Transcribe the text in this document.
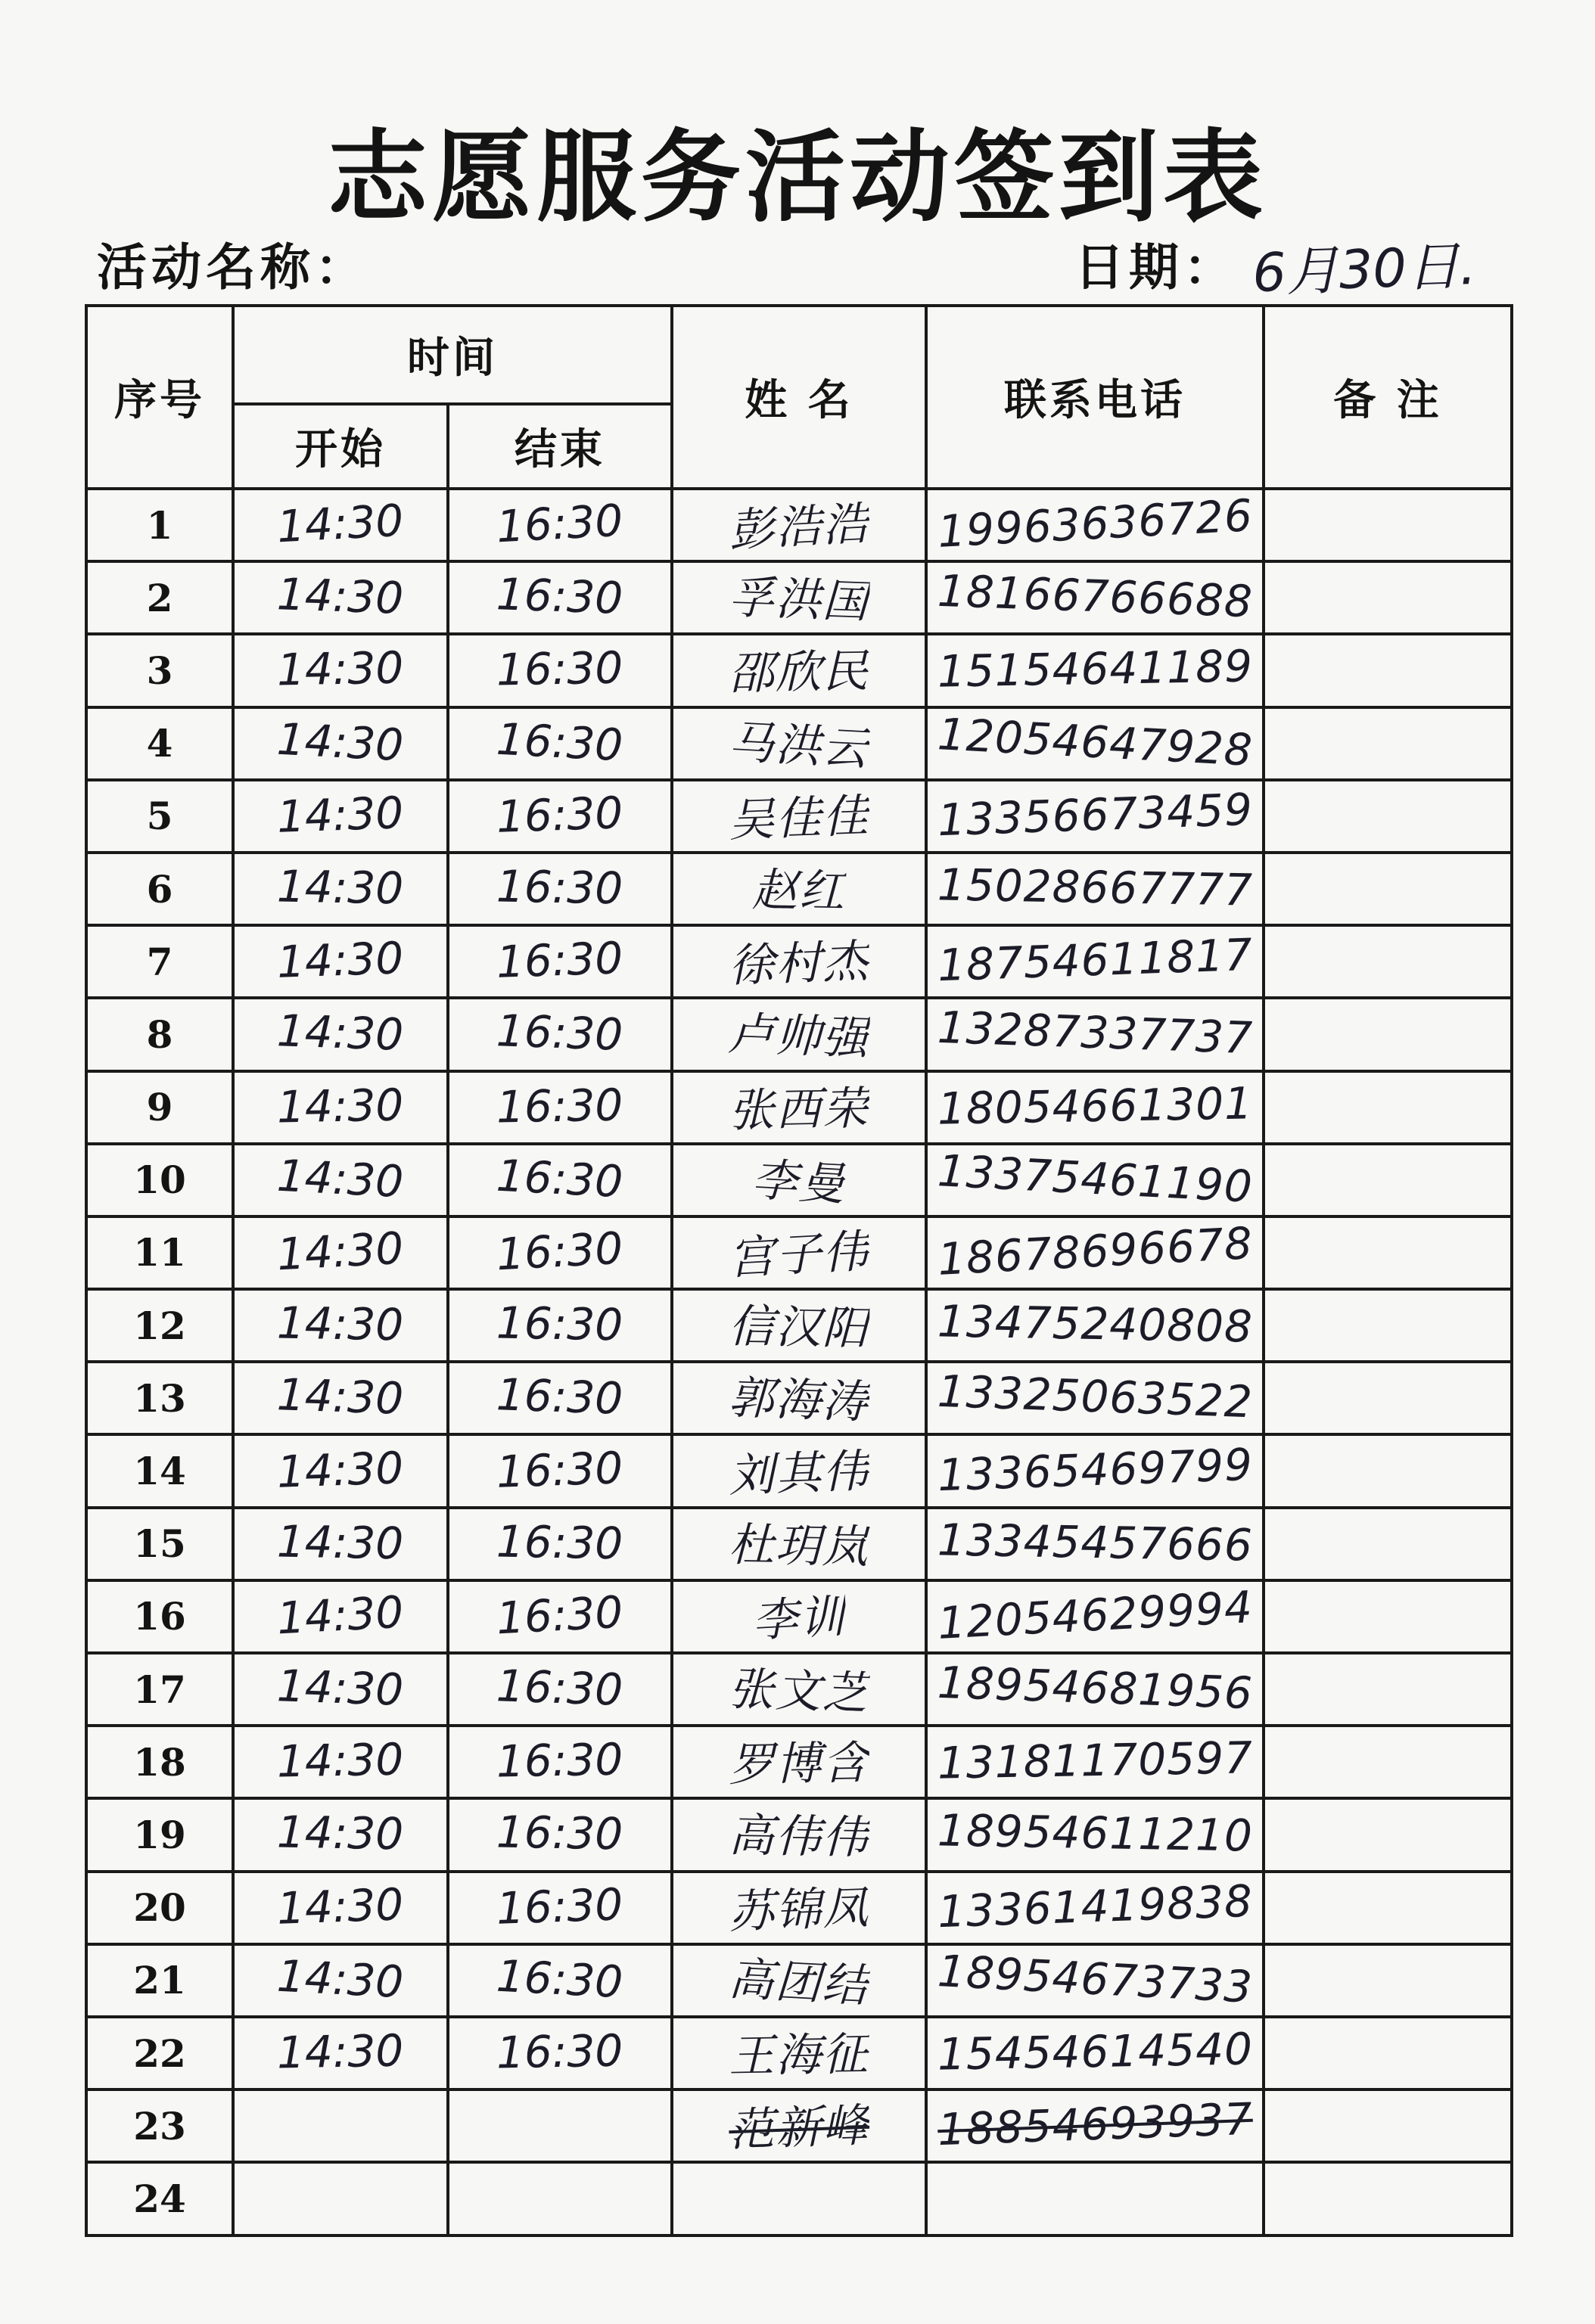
志愿服务活动签到表
活动名称：	日期： 6月30日.
序号	时间		姓 名	联系电话	备 注
	开始	结束			
1	14:30	16:30	彭浩浩	19963636726	
2	14:30	16:30	孚洪国	18166766688	
3	14:30	16:30	邵欣民	15154641189	
4	14:30	16:30	马洪云	12054647928	
5	14:30	16:30	吴佳佳	13356673459	
6	14:30	16:30	赵红	15028667777	
7	14:30	16:30	徐村杰	18754611817	
8	14:30	16:30	卢帅强	13287337737	
9	14:30	16:30	张西荣	18054661301	
10	14:30	16:30	李曼	13375461190	
11	14:30	16:30	宫子伟	18678696678	
12	14:30	16:30	信汉阳	13475240808	
13	14:30	16:30	郭海涛	13325063522	
14	14:30	16:30	刘其伟	13365469799	
15	14:30	16:30	杜玥岚	13345457666	
16	14:30	16:30	李训	12054629994	
17	14:30	16:30	张文芝	18954681956	
18	14:30	16:30	罗博含	13181170597	
19	14:30	16:30	高伟伟	18954611210	
20	14:30	16:30	苏锦凤	13361419838	
21	14:30	16:30	高团结	18954673733	
22	14:30	16:30	王海征	15454614540	
23			范新峰	18854693937	
24					
